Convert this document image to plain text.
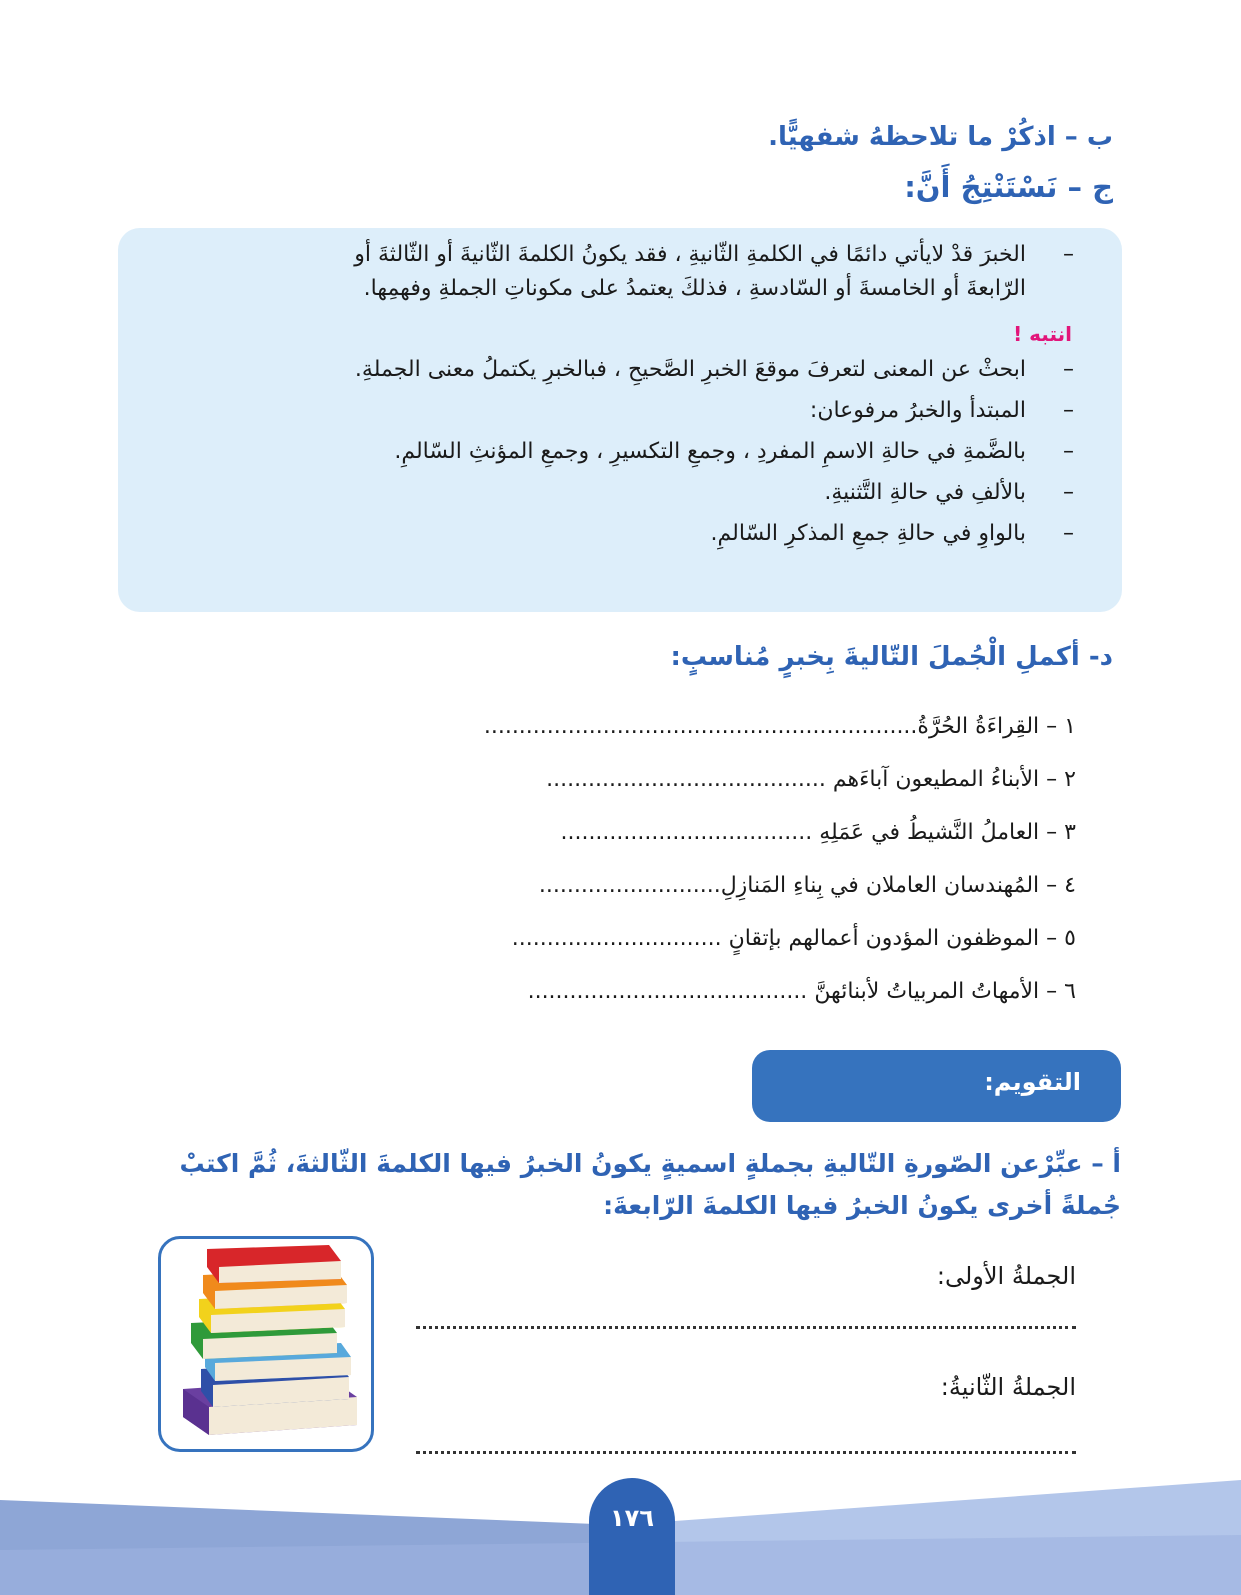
ب – اذكُرْ ما تلاحظهُ شفهيًّا.
ج – نَسْتَنْتِجُ أَنَّ:
–
الخبرَ قدْ لايأتي دائمًا في الكلمةِ الثّانيةِ ، فقد يكونُ الكلمةَ الثّانيةَ أو الثّالثةَ أو
الرّابعةَ أو الخامسةَ أو السّادسةِ ، فذلكَ يعتمدُ على مكوناتِ الجملةِ وفهمِها.
انتبه !
–
ابحثْ عن المعنى لتعرفَ موقعَ الخبرِ الصَّحيحِ ، فبالخبرِ يكتملُ معنى الجملةِ.
–
المبتدأ والخبرُ مرفوعان:
–
بالضَّمةِ في حالةِ الاسمِ المفردِ ، وجمعِ التكسيرِ ، وجمعِ المؤنثِ السّالمِ.
–
بالألفِ في حالةِ التَّثنيةِ.
–
بالواوِ في حالةِ جمعِ المذكرِ السّالمِ.
د- أكملِ الْجُملَ التّاليةَ بِخبرٍ مُناسبٍ:
١ – القِراءَةُ الحُرَّةُ..............................................................
٢ – الأبناءُ المطيعون آباءَهم ........................................
٣ – العاملُ النَّشيطُ في عَمَلِهِ ....................................
٤ – المُهندسان العاملان في بِناءِ المَنازِلِ..........................
٥ – الموظفون المؤدون أعمالهم بإتقانٍ ..............................
٦ – الأمهاتُ المربياتُ لأبنائهنَّ ........................................
التقويم:
أ – عبِّرْعن الصّورةِ التّاليةِ بجملةٍ اسميةٍ يكونُ الخبرُ فيها الكلمةَ الثّالثةَ، ثُمَّ اكتبْ جُملةً أخرى يكونُ الخبرُ فيها الكلمةَ الرّابعةَ:
الجملةُ الأولى:
الجملةُ الثّانيةُ:
١٧٦
